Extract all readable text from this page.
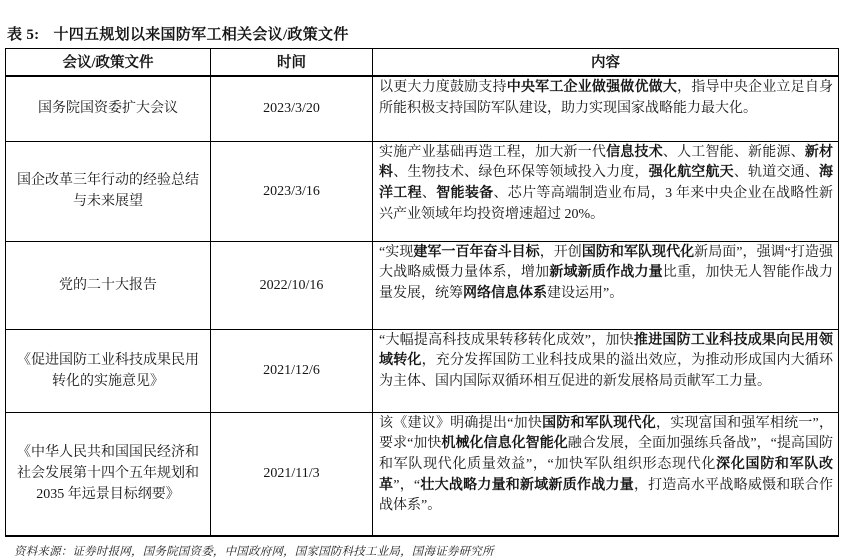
表 5: 十四五规划以来国防军工相关会议/政策文件
会议/政策文件	时间	内容
国务院国资委扩大会议	2023/3/20	以更大力度鼓励支持中央军工企业做强做优做大，指导中央企业立足自身所能积极支持国防军队建设，助力实现国家战略能力最大化。
国企改革三年行动的经验总结与未来展望	2023/3/16	实施产业基础再造工程，加大新一代信息技术、人工智能、新能源、新材料、生物技术、绿色环保等领域投入力度，强化航空航天、轨道交通、海洋工程、智能装备、芯片等高端制造业布局，3 年来中央企业在战略性新兴产业领域年均投资增速超过 20%。
党的二十大报告	2022/10/16	“实现建军一百年奋斗目标，开创国防和军队现代化新局面”，强调“打造强大战略威慑力量体系，增加新域新质作战力量比重，加快无人智能作战力量发展，统筹网络信息体系建设运用”。
《促进国防工业科技成果民用转化的实施意见》	2021/12/6	“大幅提高科技成果转移转化成效”，加快推进国防工业科技成果向民用领域转化，充分发挥国防工业科技成果的溢出效应，为推动形成国内大循环为主体、国内国际双循环相互促进的新发展格局贡献军工力量。
《中华人民共和国国民经济和社会发展第十四个五年规划和 2035 年远景目标纲要》	2021/11/3	该《建议》明确提出“加快国防和军队现代化，实现富国和强军相统一”，要求“加快机械化信息化智能化融合发展，全面加强练兵备战”，“提高国防和军队现代化质量效益”，“加快军队组织形态现代化深化国防和军队改革”，“壮大战略力量和新域新质作战力量，打造高水平战略威慑和联合作战体系”。
资料来源：证券时报网，国务院国资委，中国政府网，国家国防科技工业局，国海证券研究所
